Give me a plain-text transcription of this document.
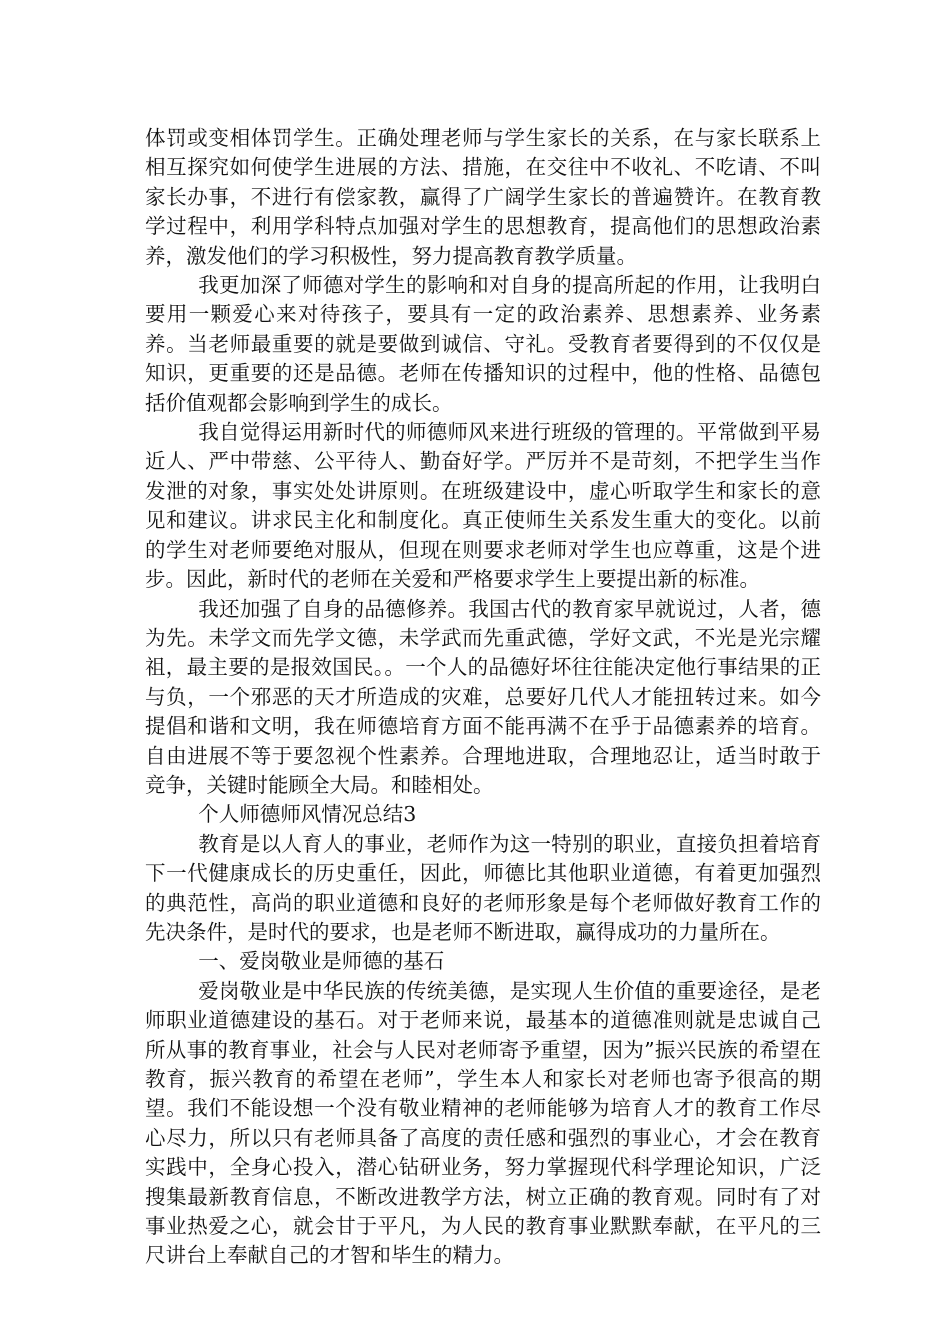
体罚或变相体罚学生。正确处理老师与学生家长的关系，在与家长联系上相互探究如何使学生进展的方法、措施，在交往中不收礼、不吃请、不叫家长办事，不进行有偿家教，赢得了广阔学生家长的普遍赞许。在教育教学过程中，利用学科特点加强对学生的思想教育，提高他们的思想政治素养，激发他们的学习积极性，努力提高教育教学质量。

我更加深了师德对学生的影响和对自身的提高所起的作用，让我明白要用一颗爱心来对待孩子，要具有一定的政治素养、思想素养、业务素养。当老师最重要的就是要做到诚信、守礼。受教育者要得到的不仅仅是知识，更重要的还是品德。老师在传播知识的过程中，他的性格、品德包括价值观都会影响到学生的成长。

我自觉得运用新时代的师德师风来进行班级的管理的。平常做到平易近人、严中带慈、公平待人、勤奋好学。严厉并不是苛刻，不把学生当作发泄的对象，事实处处讲原则。在班级建设中，虚心听取学生和家长的意见和建议。讲求民主化和制度化。真正使师生关系发生重大的变化。以前的学生对老师要绝对服从，但现在则要求老师对学生也应尊重，这是个进步。因此，新时代的老师在关爱和严格要求学生上要提出新的标准。

我还加强了自身的品德修养。我国古代的教育家早就说过，人者，德为先。未学文而先学文德，未学武而先重武德，学好文武，不光是光宗耀祖，最主要的是报效国民。。一个人的品德好坏往往能决定他行事结果的正与负，一个邪恶的天才所造成的灾难，总要好几代人才能扭转过来。如今提倡和谐和文明，我在师德培育方面不能再满不在乎于品德素养的培育。自由进展不等于要忽视个性素养。合理地进取，合理地忍让，适当时敢于竞争，关键时能顾全大局。和睦相处。

个人师德师风情况总结3

教育是以人育人的事业，老师作为这一特别的职业，直接负担着培育下一代健康成长的历史重任，因此，师德比其他职业道德，有着更加强烈的典范性，高尚的职业道德和良好的老师形象是每个老师做好教育工作的先决条件，是时代的要求，也是老师不断进取，赢得成功的力量所在。

一、爱岗敬业是师德的基石

爱岗敬业是中华民族的传统美德，是实现人生价值的重要途径，是老师职业道德建设的基石。对于老师来说，最基本的道德准则就是忠诚自己所从事的教育事业，社会与人民对老师寄予重望，因为”振兴民族的希望在教育，振兴教育的希望在老师”，学生本人和家长对老师也寄予很高的期望。我们不能设想一个没有敬业精神的老师能够为培育人才的教育工作尽心尽力，所以只有老师具备了高度的责任感和强烈的事业心，才会在教育实践中，全身心投入，潜心钻研业务，努力掌握现代科学理论知识，广泛搜集最新教育信息，不断改进教学方法，树立正确的教育观。同时有了对事业热爱之心，就会甘于平凡，为人民的教育事业默默奉献，在平凡的三尺讲台上奉献自己的才智和毕生的精力。
